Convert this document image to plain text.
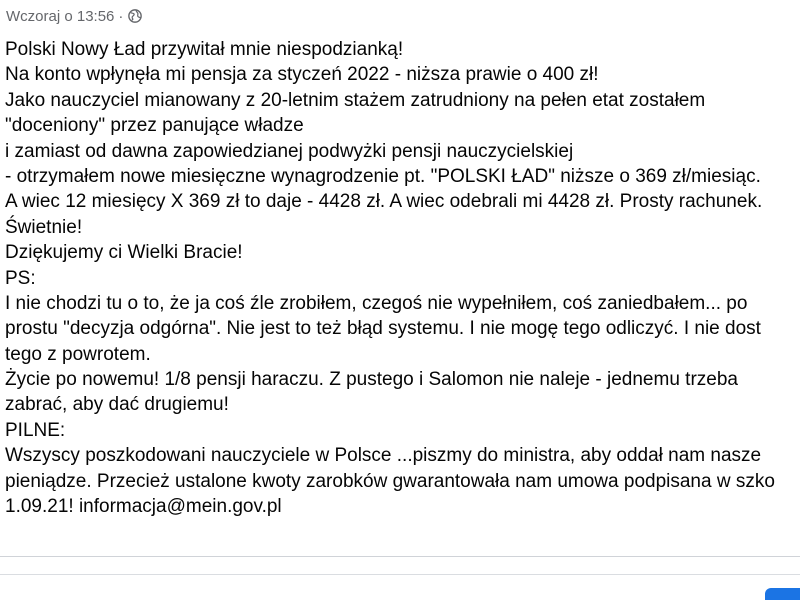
Wczoraj o 13:56 ·
Polski Nowy Ład przywitał mnie niespodzianką!
Na konto wpłynęła mi pensja za styczeń 2022 - niższa prawie o 400 zł!
Jako nauczyciel mianowany z 20-letnim stażem zatrudniony na pełen etat zostałem
"doceniony" przez panujące władze
i zamiast od dawna zapowiedzianej podwyżki pensji nauczycielskiej
- otrzymałem nowe miesięczne wynagrodzenie pt. "POLSKI ŁAD" niższe o 369 zł/miesiąc.
A wiec 12 miesięcy X 369 zł to daje - 4428 zł. A wiec odebrali mi 4428 zł. Prosty rachunek.
Świetnie!
Dziękujemy ci Wielki Bracie!
PS:
I nie chodzi tu o to, że ja coś źle zrobiłem, czegoś nie wypełniłem, coś zaniedbałem... po
prostu "decyzja odgórna". Nie jest to też błąd systemu. I nie mogę tego odliczyć. I nie dost
tego z powrotem.
Życie po nowemu! 1/8 pensji haraczu. Z pustego i Salomon nie naleje - jednemu trzeba
zabrać, aby dać drugiemu!
PILNE:
Wszyscy poszkodowani nauczyciele w Polsce ...piszmy do ministra, aby oddał nam nasze
pieniądze. Przecież ustalone kwoty zarobków gwarantowała nam umowa podpisana w szko
1.09.21! informacja@mein.gov.pl
